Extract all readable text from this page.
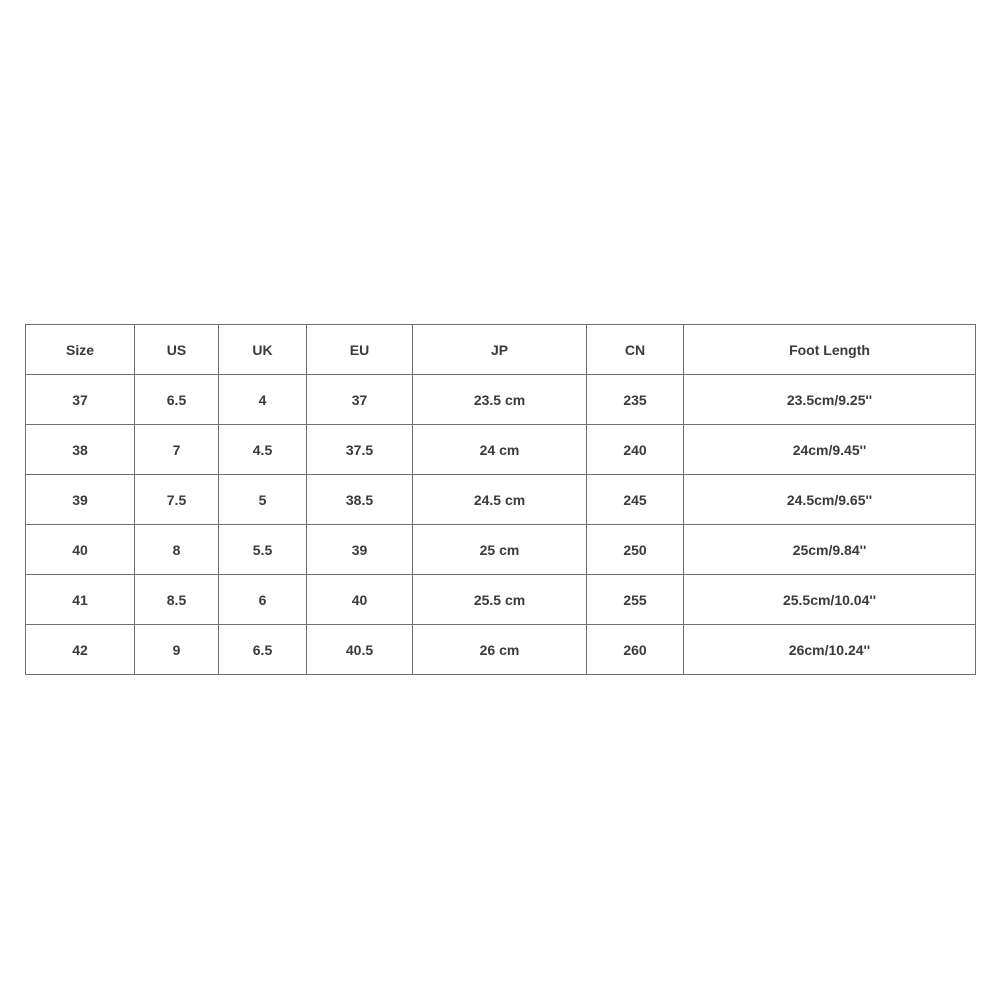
Size	US	UK	EU	JP	CN	Foot Length
37	6.5	4	37	23.5 cm	235	23.5cm/9.25''
38	7	4.5	37.5	24 cm	240	24cm/9.45''
39	7.5	5	38.5	24.5 cm	245	24.5cm/9.65''
40	8	5.5	39	25 cm	250	25cm/9.84''
41	8.5	6	40	25.5 cm	255	25.5cm/10.04''
42	9	6.5	40.5	26 cm	260	26cm/10.24''
